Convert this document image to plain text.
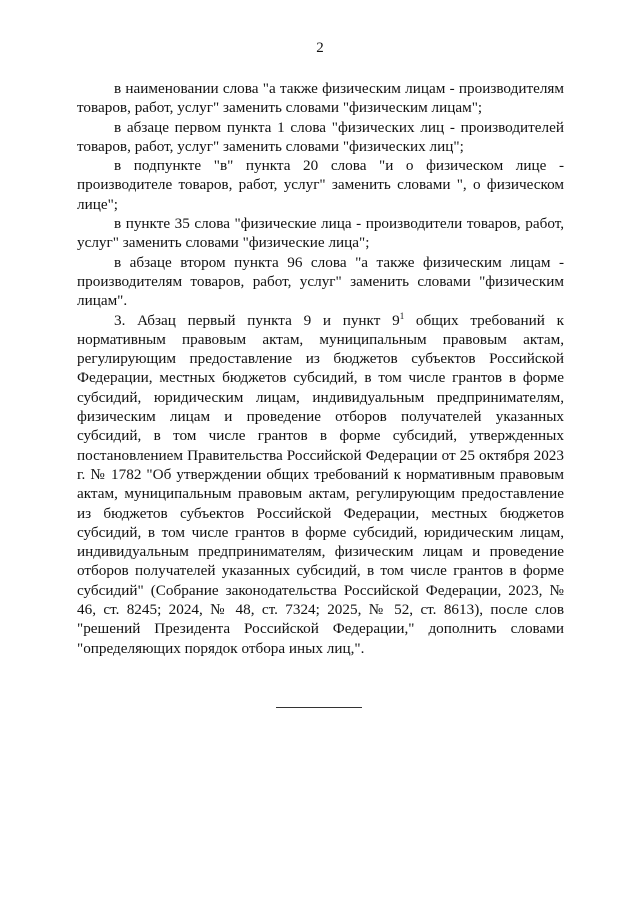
2

в наименовании слова "а также физическим лицам - производителям товаров, работ, услуг" заменить словами "физическим лицам";

в абзаце первом пункта 1 слова "физических лиц - производителей товаров, работ, услуг" заменить словами "физических лиц";

в подпункте "в" пункта 20 слова "и о физическом лице - производителе товаров, работ, услуг" заменить словами ", о физическом лице";

в пункте 35 слова "физические лица - производители товаров, работ, услуг" заменить словами "физические лица";

в абзаце втором пункта 96 слова "а также физическим лицам - производителям товаров, работ, услуг" заменить словами "физическим лицам".

3. Абзац первый пункта 9 и пункт $9^1$ общих требований к нормативным правовым актам, муниципальным правовым актам, регулирующим предоставление из бюджетов субъектов Российской Федерации, местных бюджетов субсидий, в том числе грантов в форме субсидий, юридическим лицам, индивидуальным предпринимателям, физическим лицам и проведение отборов получателей указанных субсидий, в том числе грантов в форме субсидий, утвержденных постановлением Правительства Российской Федерации от 25 октября 2023 г. № 1782 "Об утверждении общих требований к нормативным правовым актам, муниципальным правовым актам, регулирующим предоставление из бюджетов субъектов Российской Федерации, местных бюджетов субсидий, в том числе грантов в форме субсидий, юридическим лицам, индивидуальным предпринимателям, физическим лицам и проведение отборов получателей указанных субсидий, в том числе грантов в форме субсидий" (Собрание законодательства Российской Федерации, 2023, № 46, ст. 8245; 2024, № 48, ст. 7324; 2025, № 52, ст. 8613), после слов "решений Президента Российской Федерации," дополнить словами "определяющих порядок отбора иных лиц,".
